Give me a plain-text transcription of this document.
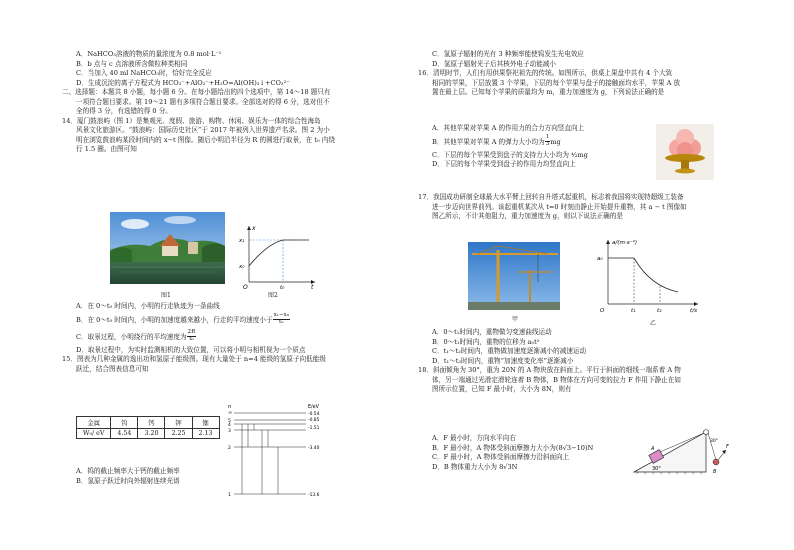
A．NaHCO₃溶液的物质的量浓度为 0.8 mol·L⁻¹
B．b 点与 c 点溶液所含微粒种类相同
C．当加入 40 ml NaHCO₃时，恰好完全反应
D．生成沉淀的离子方程式为 HCO₃⁻+AlO₂⁻+H₂O=Al(OH)₃↓+CO₃²⁻
二、选择题：本题共 8 小题，每小题 6 分。在每小题给出的四个选项中，第 14～18 题只有
一项符合题目要求。第 19～21 题有多项符合题目要求。全部选对的得 6 分，选对但不
全的得 3 分，有选错的得 0 分。
14．厦门鼓浪屿（图 1）是集观光、度假、旅游、购物、休闲、娱乐为一体的综合性海岛
风景文化旅游区。“鼓浪屿：国际历史社区”于 2017 年被列入世界遗产名录。图 2 为小
明在浏览鼓浪屿某段时间内的 x−t 图像。随后小明沿半径为 R 的圆进行取景，在 t₀ 内绕
行 1.5 圈。由图可知
图1
x
t
O
x₁
x₀
t₀
图2
A．在 0～t₀ 时间内，小明的行走轨迹为一条曲线
B．在 0～t₀ 时间内，小明的加速度越来越小，行走的平均速度小于 $\frac{\text{x₁−x₀}}{\text{t₀}}$
C．取景过程，小明绕行的平均速度为 $\frac{2R}{\text{t₀}}$
D．取景过程中，为实时监测相机的大致位置，可以将小明与相机视为一个质点
15．图表为几种金属的逸出功和氢原子能级图。现有大量处于 n=4 能级的氢原子向低能级
跃迁，结合图表信息可知
金属	钨	钙	钾	铷
W₀/ eV	4.54	3.20	2.25	2.13
n	E/eV
∞
5
4
3
2
1
-0.54
-0.85
-1.51
-3.40
-13.6
A．钨的截止频率大于钙的截止频率
B．氢原子跃迁时向外辐射连续光谱
C．氢原子辐射的光有 3 种频率能使钨发生光电效应
D．氢原子辐射光子后其核外电子动能减小
16．清明时节，人们有用供果祭祀祖先的传统。如图所示，供桌上果盘中共有 4 个大致
相同的苹果，下层放置 3 个苹果，下层的每个苹果与盘子的接触面均水平，苹果 A 放
置在最上层。已知每个苹果的质量均为 m，重力加速度为 g，下列说法正确的是
A．其他苹果对苹果 A 的作用力的合力方向竖直向上
B．其他苹果对苹果 A 的弹力大小均为 $\frac{1}{3}$ mg
C．下层的每个苹果受到盘子的支持力大小均为 ⁴⁄₃mg
D．下层的每个苹果受到盘子的作用力均竖直向上
17．我国成功研制全球最大水平臂上回转自升塔式起重机，标志着我国将实现特超级工装备
进一步迈向世界前列。该起重机某次从 t=0 时刻由静止开始提升重物，其 a − t 图像如
图乙所示，不计其他阻力，重力加速度为 g，则以下说法正确的是
甲
a/(m·s⁻²)
t/s
O
a₀
t₁	t₂
乙
A．0～t₁时间内，重物做匀变速曲线运动
B．0～t₁时间内，重物的位移为 a₀t²
C．t₁～t₂时间内，重物做加速度逐渐减小的减速运动
D．t₁～t₂时间内，重物“加速度变化率”逐渐减小
18．斜面倾角为 30°，重为 20N 的 A 物块放在斜面上。平行于斜面的细线一端系着 A 物
体，另一端通过光滑定滑轮连着 B 物体，B 物体在方向可变的拉力 F 作用下静止在如
图所示位置，已知 F 最小时，大小为 8N，则有
A．F 最小时，方向水平向右
B．F 最小时，A 物体受斜面摩擦力大小为(8√3−10)N
C．F 最小时，A 物体受斜面摩擦力沿斜面向上
D．B 物体重力大小为 8√3N	30°
30°
A
B
F
